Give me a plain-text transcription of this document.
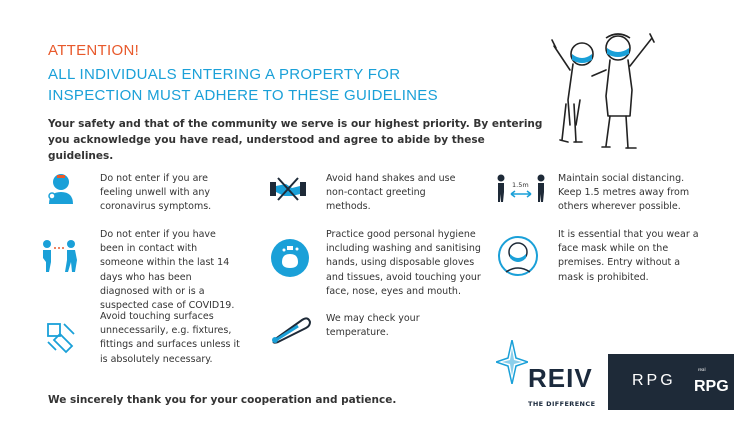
ATTENTION!
ALL INDIVIDUALS ENTERING A PROPERTY FOR INSPECTION MUST ADHERE TO THESE GUIDELINES
Your safety and that of the community we serve is our highest priority. By entering you acknowledge you have read, understood and agree to abide by these guidelines.
Do not enter if you are feeling unwell with any coronavirus symptoms.
Do not enter if you have been in contact with someone within the last 14 days who has been diagnosed with or is a suspected case of COVID19.
Avoid touching surfaces unnecessarily, e.g. fixtures, fittings and surfaces unless it is absolutely necessary.
Avoid hand shakes and use non-contact greeting methods.
Practice good personal hygiene including washing and sanitising hands, using disposable gloves and tissues, avoid touching your face, nose, eyes and mouth.
We may check your temperature.
1.5m
Maintain social distancing. Keep 1.5 metres away from others wherever possible.
It is essential that you wear a face mask while on the premises. Entry without a mask is prohibited.
We sincerely thank you for your cooperation and patience.
REIV
THE DIFFERENCE
RPG
real
RPG
